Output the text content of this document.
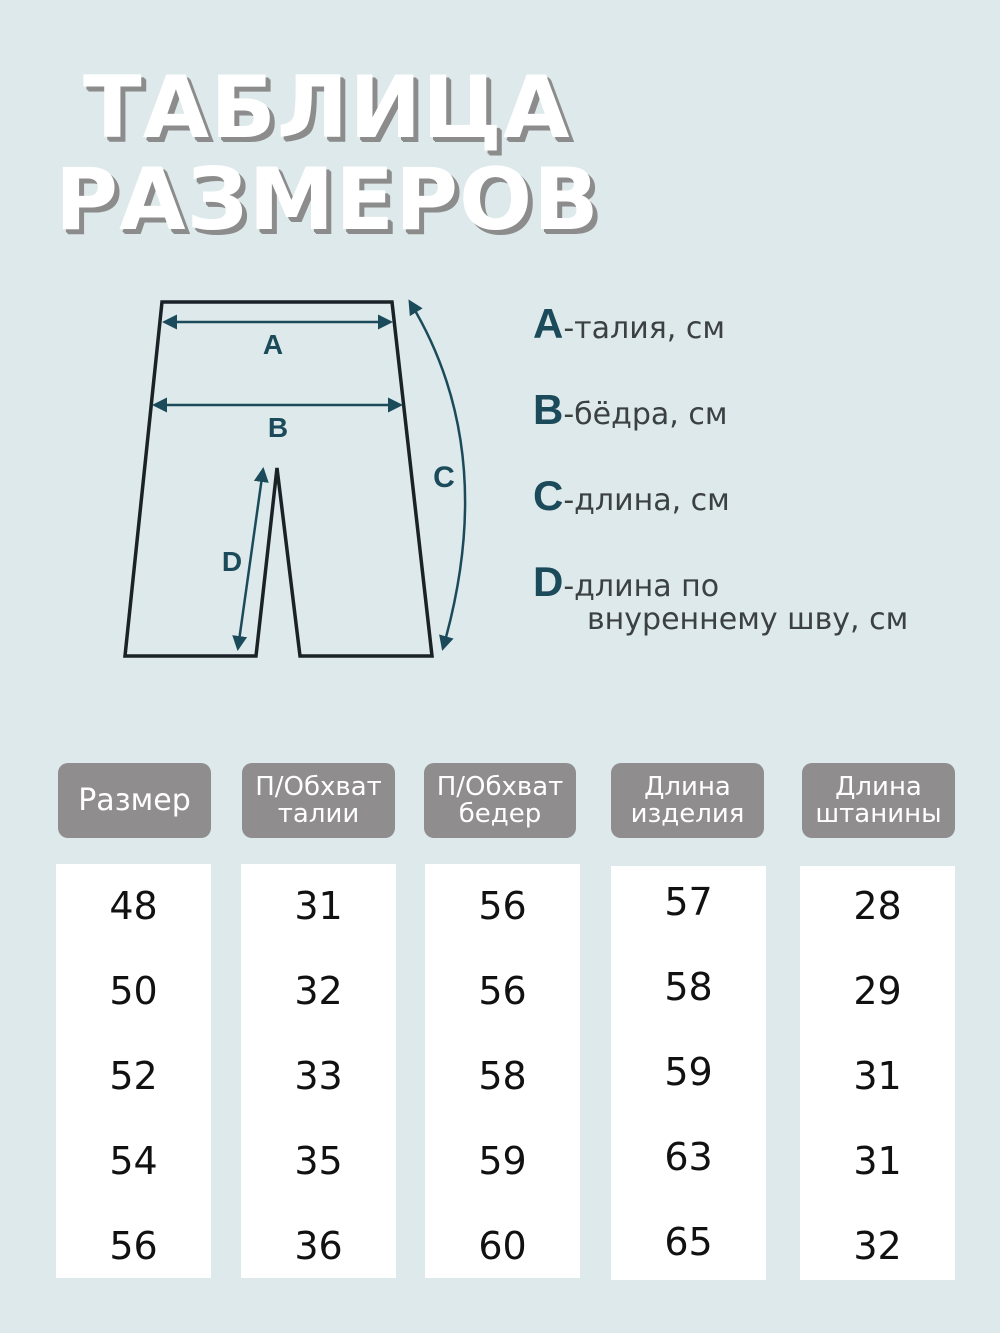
ТАБЛИЦА
РАЗМЕРОВ
A
B
C
D
A-талия, см
B-бёдра, см
C-длина, см
D-длина по
внуреннему шву, см
Размер П/Обхват
талии
П/Обхват
бедер
Длина
изделия
Длина
штанины
48
50
52
54
56
31
32
33
35
36
56
56
58
59
60
57
58
59
63
65
28
29
31
31
32
